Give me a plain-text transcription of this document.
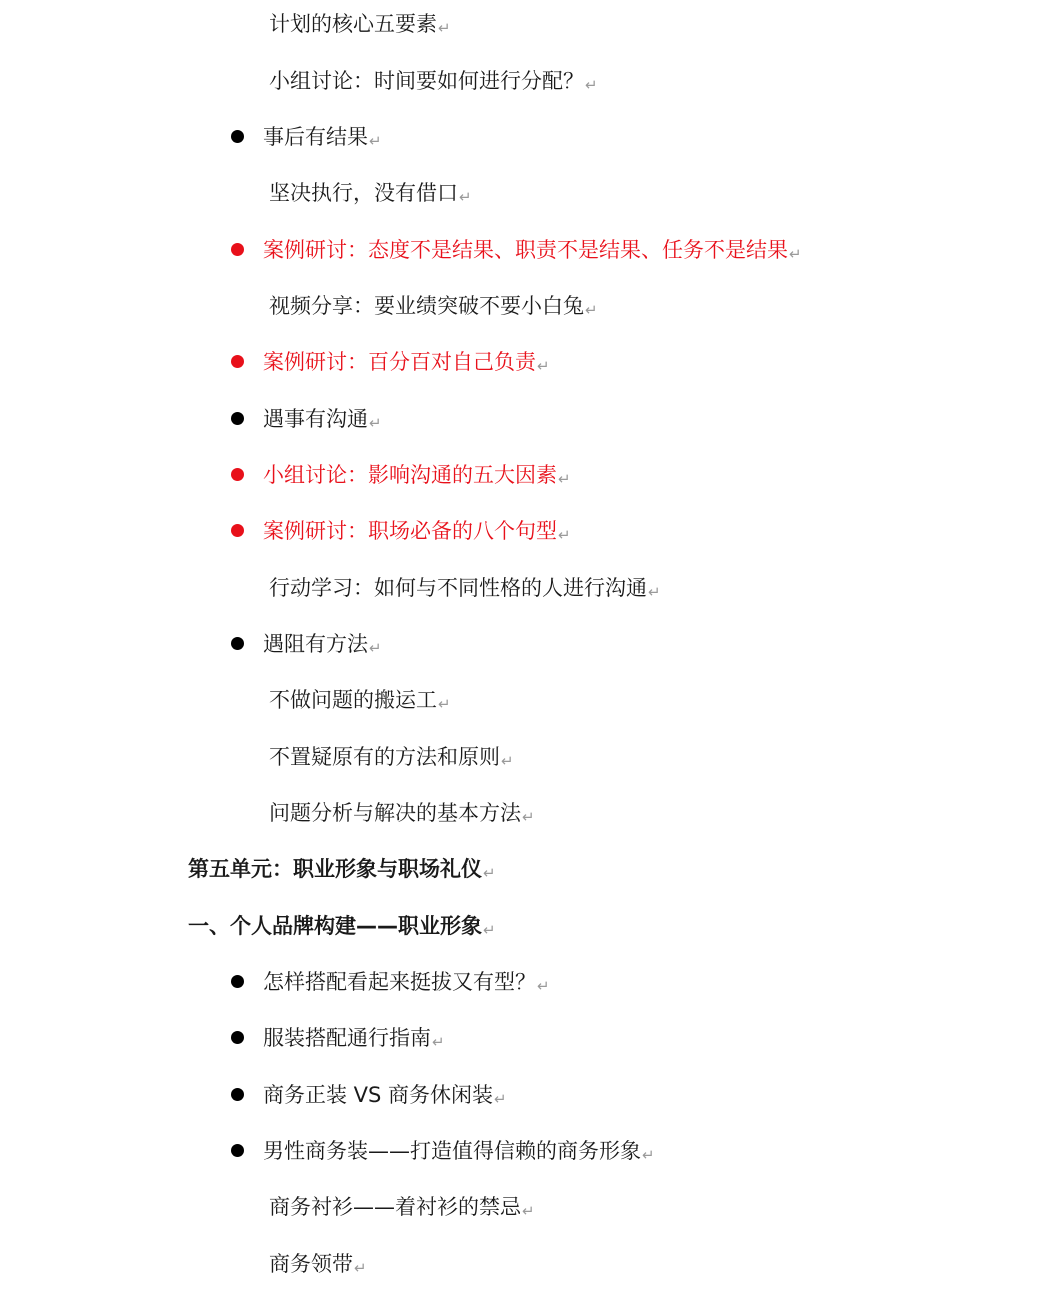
计划的核心五要素↵
小组讨论：时间要如何进行分配？↵
事后有结果↵
坚决执行，没有借口↵
案例研讨：态度不是结果、职责不是结果、任务不是结果↵
视频分享：要业绩突破不要小白兔↵
案例研讨：百分百对自己负责↵
遇事有沟通↵
小组讨论：影响沟通的五大因素↵
案例研讨：职场必备的八个句型↵
行动学习：如何与不同性格的人进行沟通↵
遇阻有方法↵
不做问题的搬运工↵
不置疑原有的方法和原则↵
问题分析与解决的基本方法↵
第五单元：职业形象与职场礼仪↵
一、个人品牌构建——职业形象↵
怎样搭配看起来挺拔又有型？↵
服装搭配通行指南↵
商务正装 VS 商务休闲装↵
男性商务装——打造值得信赖的商务形象↵
商务衬衫——着衬衫的禁忌↵
商务领带↵
